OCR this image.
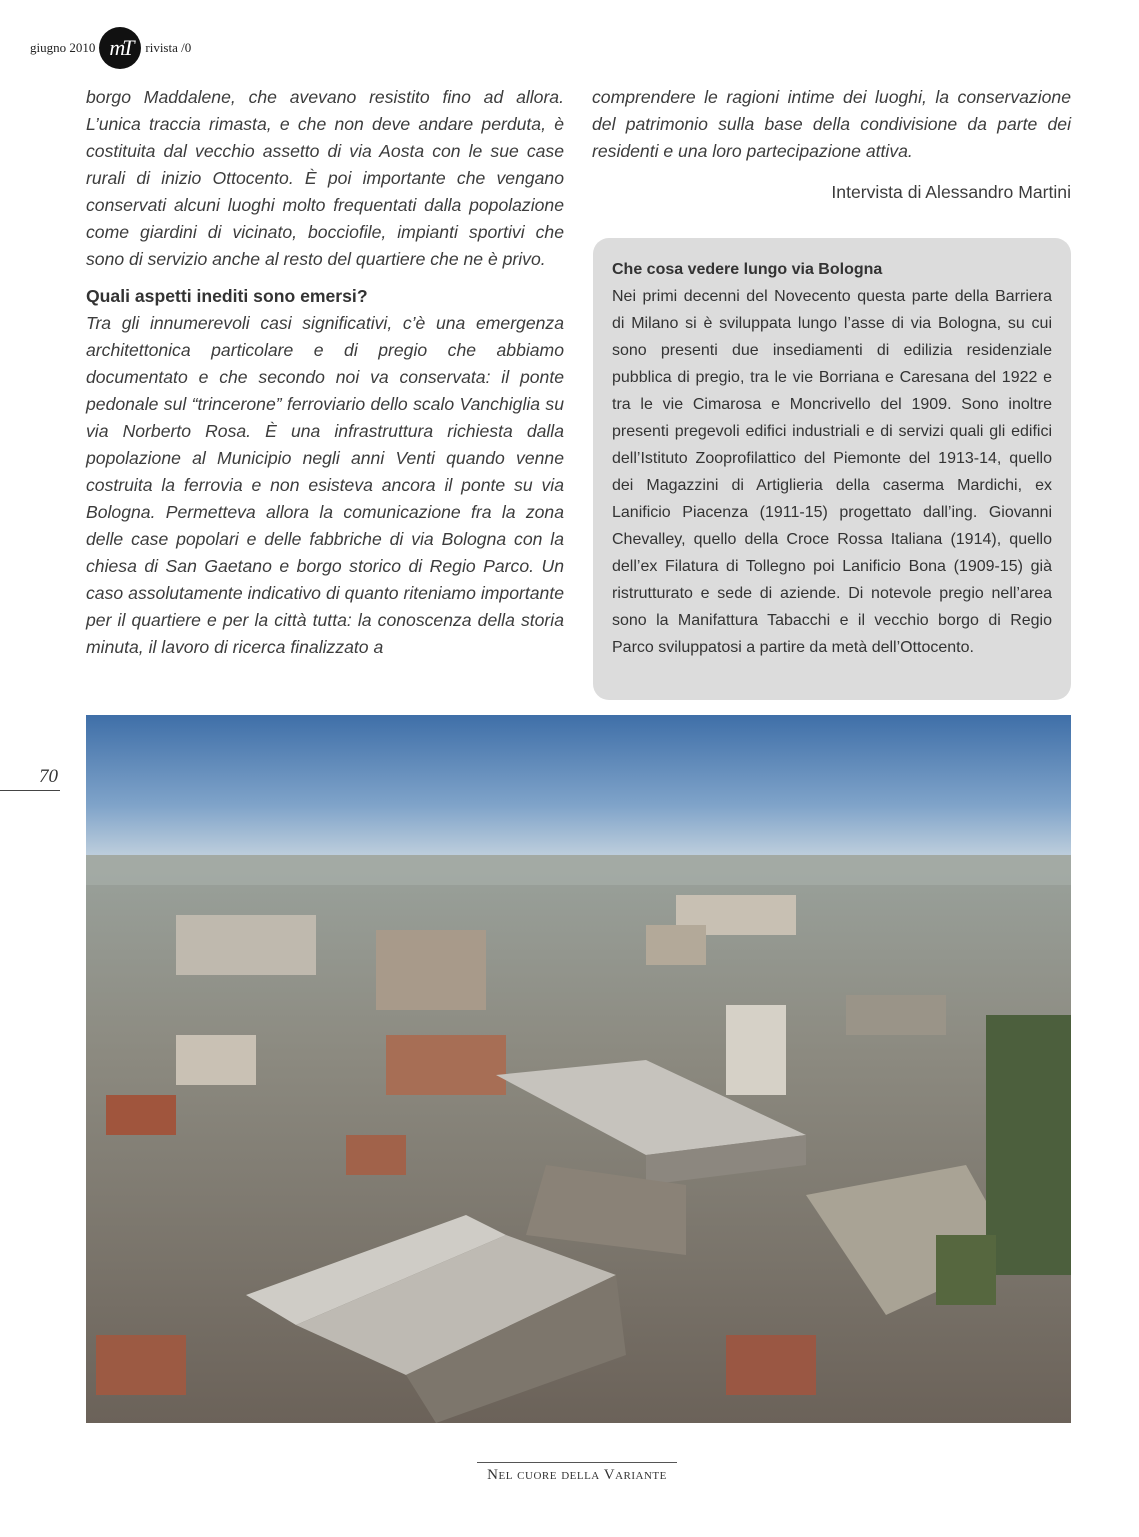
giugno 2010 mT	rivista /0

borgo Maddalene, che avevano resistito fino ad allora. L’unica traccia rimasta, e che non deve andare perduta, è costituita dal vecchio assetto di via Aosta con le sue case rurali di inizio Ottocento. È poi importante che vengano conservati alcuni luoghi molto frequentati dalla popolazione come giardini di vicinato, bocciofile, impianti sportivi che sono di servizio anche al resto del quartiere che ne è privo.

Quali aspetti inediti sono emersi?

Tra gli innumerevoli casi significativi, c’è una emergenza architettonica particolare e di pregio che abbiamo documentato e che secondo noi va conservata: il ponte pedonale sul “trincerone” ferroviario dello scalo Vanchiglia su via Norberto Rosa. È una infrastruttura richiesta dalla popolazione al Municipio negli anni Venti quando venne costruita la ferrovia e non esisteva ancora il ponte su via Bologna. Permetteva allora la comunicazione fra la zona delle case popolari e delle fabbriche di via Bologna con la chiesa di San Gaetano e borgo storico di Regio Parco. Un caso assolutamente indicativo di quanto riteniamo importante per il quartiere e per la città tutta: la conoscenza della storia minuta, il lavoro di ricerca finalizzato a

comprendere le ragioni intime dei luoghi, la conservazione del patrimonio sulla base della condivisione da parte dei residenti e una loro partecipazione attiva.

Intervista di Alessandro Martini

Che cosa vedere lungo via Bologna

Nei primi decenni del Novecento questa parte della Barriera di Milano si è sviluppata lungo l’asse di via Bologna, su cui sono presenti due insediamenti di edilizia residenziale pubblica di pregio, tra le vie Borriana e Caresana del 1922 e tra le vie Cimarosa e Moncrivello del 1909. Sono inoltre presenti pregevoli edifici industriali e di servizi quali gli edifici dell’Istituto Zooprofilattico del Piemonte del 1913-14, quello dei Magazzini di Artiglieria della caserma Mardichi, ex Lanificio Piacenza (1911-15) progettato dall’ing. Giovanni Chevalley, quello della Croce Rossa Italiana (1914), quello dell’ex Filatura di Tollegno poi Lanificio Bona (1909-15) già ristrutturato e sede di aziende. Di notevole pregio nell’area sono la Manifattura Tabacchi e il vecchio borgo di Regio Parco sviluppatosi a partire da metà dell’Ottocento.

70
Nel cuore della Variante
